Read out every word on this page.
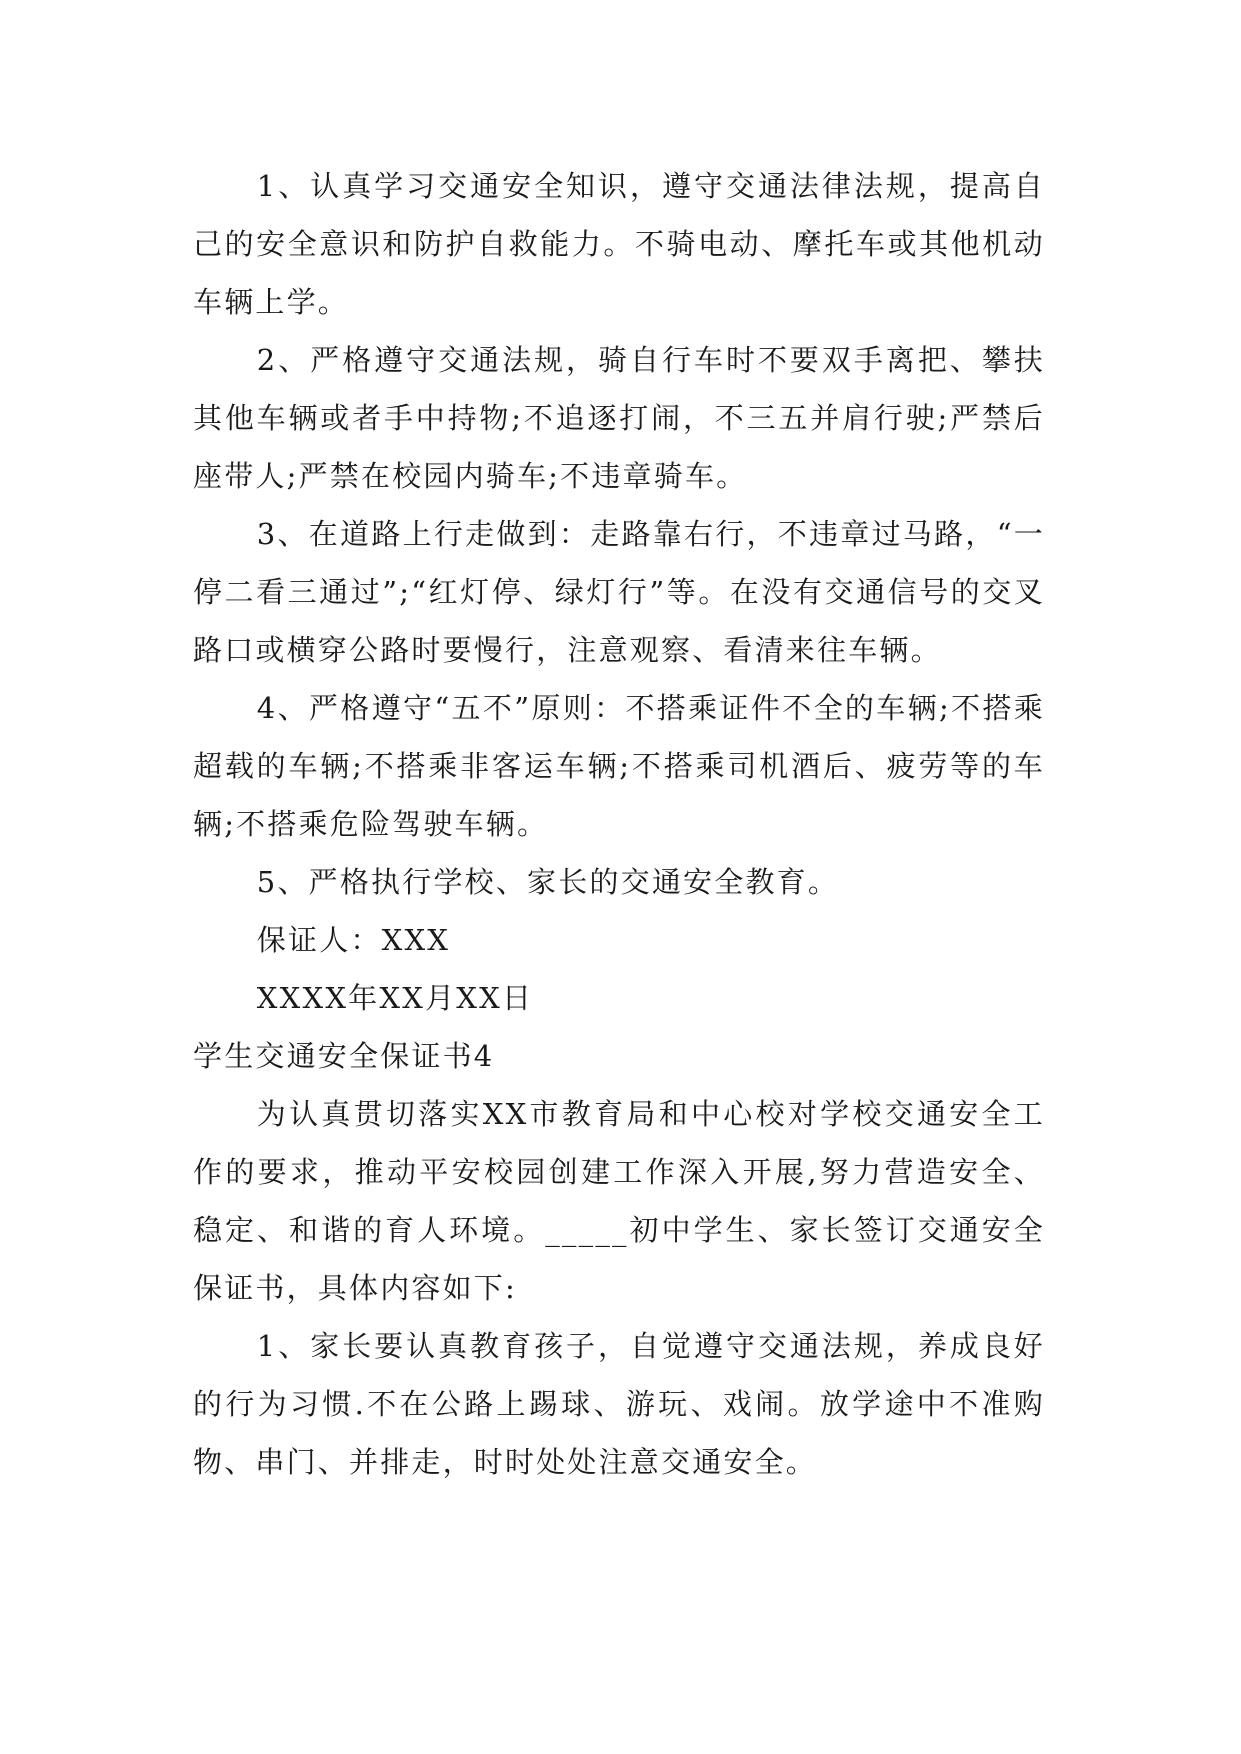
1、认真学习交通安全知识，遵守交通法律法规，提高自己的安全意识和防护自救能力。不骑电动、摩托车或其他机动车辆上学。

2、严格遵守交通法规，骑自行车时不要双手离把、攀扶其他车辆或者手中持物;不追逐打闹，不三五并肩行驶;严禁后座带人;严禁在校园内骑车;不违章骑车。

3、在道路上行走做到：走路靠右行，不违章过马路，“一停二看三通过”;“红灯停、绿灯行”等。在没有交通信号的交叉路口或横穿公路时要慢行，注意观察、看清来往车辆。

4、严格遵守“五不”原则：不搭乘证件不全的车辆;不搭乘超载的车辆;不搭乘非客运车辆;不搭乘司机酒后、疲劳等的车辆;不搭乘危险驾驶车辆。

5、严格执行学校、家长的交通安全教育。

保证人：XXX

XXXX年XX月XX日

学生交通安全保证书4

为认真贯切落实XX市教育局和中心校对学校交通安全工作的要求，推动平安校园创建工作深入开展,努力营造安全、稳定、和谐的育人环境。_____初中学生、家长签订交通安全保证书，具体内容如下:

1、家长要认真教育孩子，自觉遵守交通法规，养成良好的行为习惯.不在公路上踢球、游玩、戏闹。放学途中不准购物、串门、并排走，时时处处注意交通安全。
